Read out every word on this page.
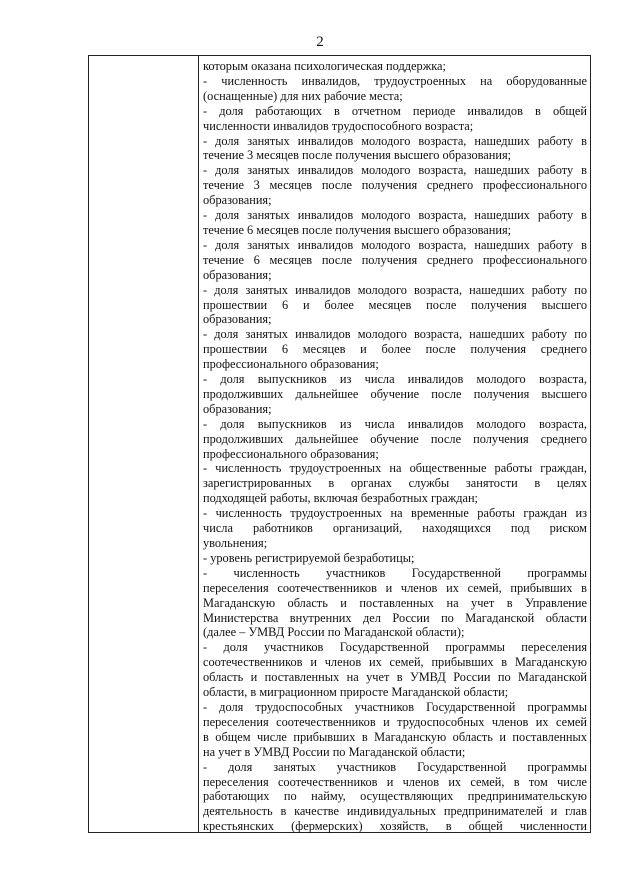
2
которым оказана психологическая поддержка;
- численность инвалидов, трудоустроенных на оборудованные
(оснащенные) для них рабочие места;
- доля работающих в отчетном периоде инвалидов в общей
численности инвалидов трудоспособного возраста;
- доля занятых инвалидов молодого возраста, нашедших работу в
течение 3 месяцев после получения высшего образования;
- доля занятых инвалидов молодого возраста, нашедших работу в
течение 3 месяцев после получения среднего профессионального
образования;
- доля занятых инвалидов молодого возраста, нашедших работу в
течение 6 месяцев после получения высшего образования;
- доля занятых инвалидов молодого возраста, нашедших работу в
течение 6 месяцев после получения среднего профессионального
образования;
- доля занятых инвалидов молодого возраста, нашедших работу по
прошествии 6 и более месяцев после получения высшего
образования;
- доля занятых инвалидов молодого возраста, нашедших работу по
прошествии 6 месяцев и более после получения среднего
профессионального образования;
- доля выпускников из числа инвалидов молодого возраста,
продолживших дальнейшее обучение после получения высшего
образования;
- доля выпускников из числа инвалидов молодого возраста,
продолживших дальнейшее обучение после получения среднего
профессионального образования;
- численность трудоустроенных на общественные работы граждан,
зарегистрированных в органах службы занятости в целях
подходящей работы, включая безработных граждан;
- численность трудоустроенных на временные работы граждан из
числа работников организаций, находящихся под риском
увольнения;
- уровень регистрируемой безработицы;
- численность участников Государственной программы
переселения соотечественников и членов их семей, прибывших в
Магаданскую область и поставленных на учет в Управление
Министерства внутренних дел России по Магаданской области
(далее – УМВД России по Магаданской области);
- доля участников Государственной программы переселения
соотечественников и членов их семей, прибывших в Магаданскую
область и поставленных на учет в УМВД России по Магаданской
области, в миграционном приросте Магаданской области;
- доля трудоспособных участников Государственной программы
переселения соотечественников и трудоспособных членов их семей
в общем числе прибывших в Магаданскую область и поставленных
на учет в УМВД России по Магаданской области;
- доля занятых участников Государственной программы
переселения соотечественников и членов их семей, в том числе
работающих по найму, осуществляющих предпринимательскую
деятельность в качестве индивидуальных предпринимателей и глав
крестьянских (фермерских) хозяйств, в общей численности
